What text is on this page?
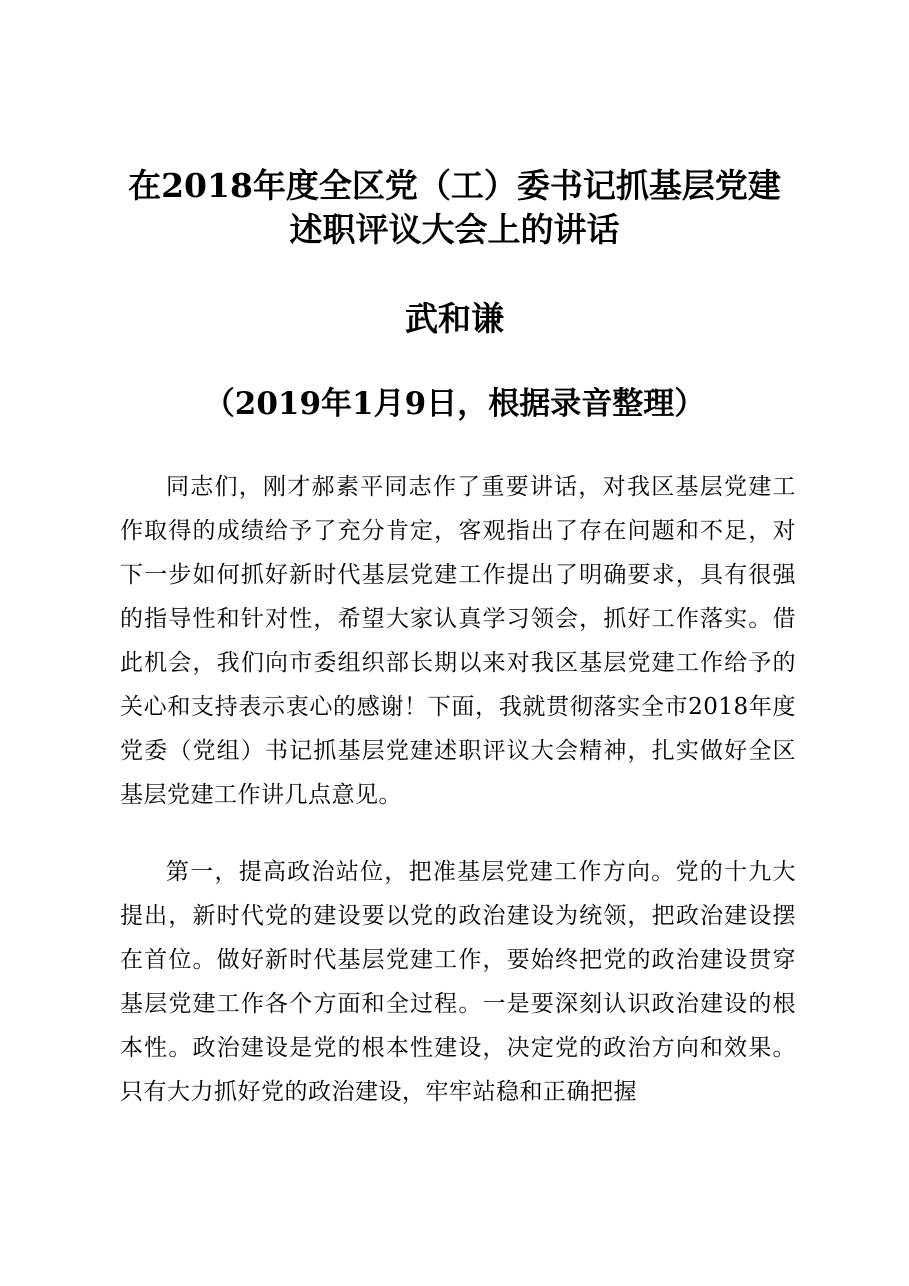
在2018年度全区党（工）委书记抓基层党建
述职评议大会上的讲话
武和谦

（2019年1月9日，根据录音整理）

同志们，刚才郝素平同志作了重要讲话，对我区基层党建工作取得的成绩给予了充分肯定，客观指出了存在问题和不足，对下一步如何抓好新时代基层党建工作提出了明确要求，具有很强的指导性和针对性，希望大家认真学习领会，抓好工作落实。借此机会，我们向市委组织部长期以来对我区基层党建工作给予的关心和支持表示衷心的感谢！下面，我就贯彻落实全市2018年度党委（党组）书记抓基层党建述职评议大会精神，扎实做好全区基层党建工作讲几点意见。

第一，提高政治站位，把准基层党建工作方向。党的十九大提出，新时代党的建设要以党的政治建设为统领，把政治建设摆在首位。做好新时代基层党建工作，要始终把党的政治建设贯穿基层党建工作各个方面和全过程。一是要深刻认识政治建设的根本性。政治建设是党的根本性建设，决定党的政治方向和效果。只有大力抓好党的政治建设，牢牢站稳和正确把握
